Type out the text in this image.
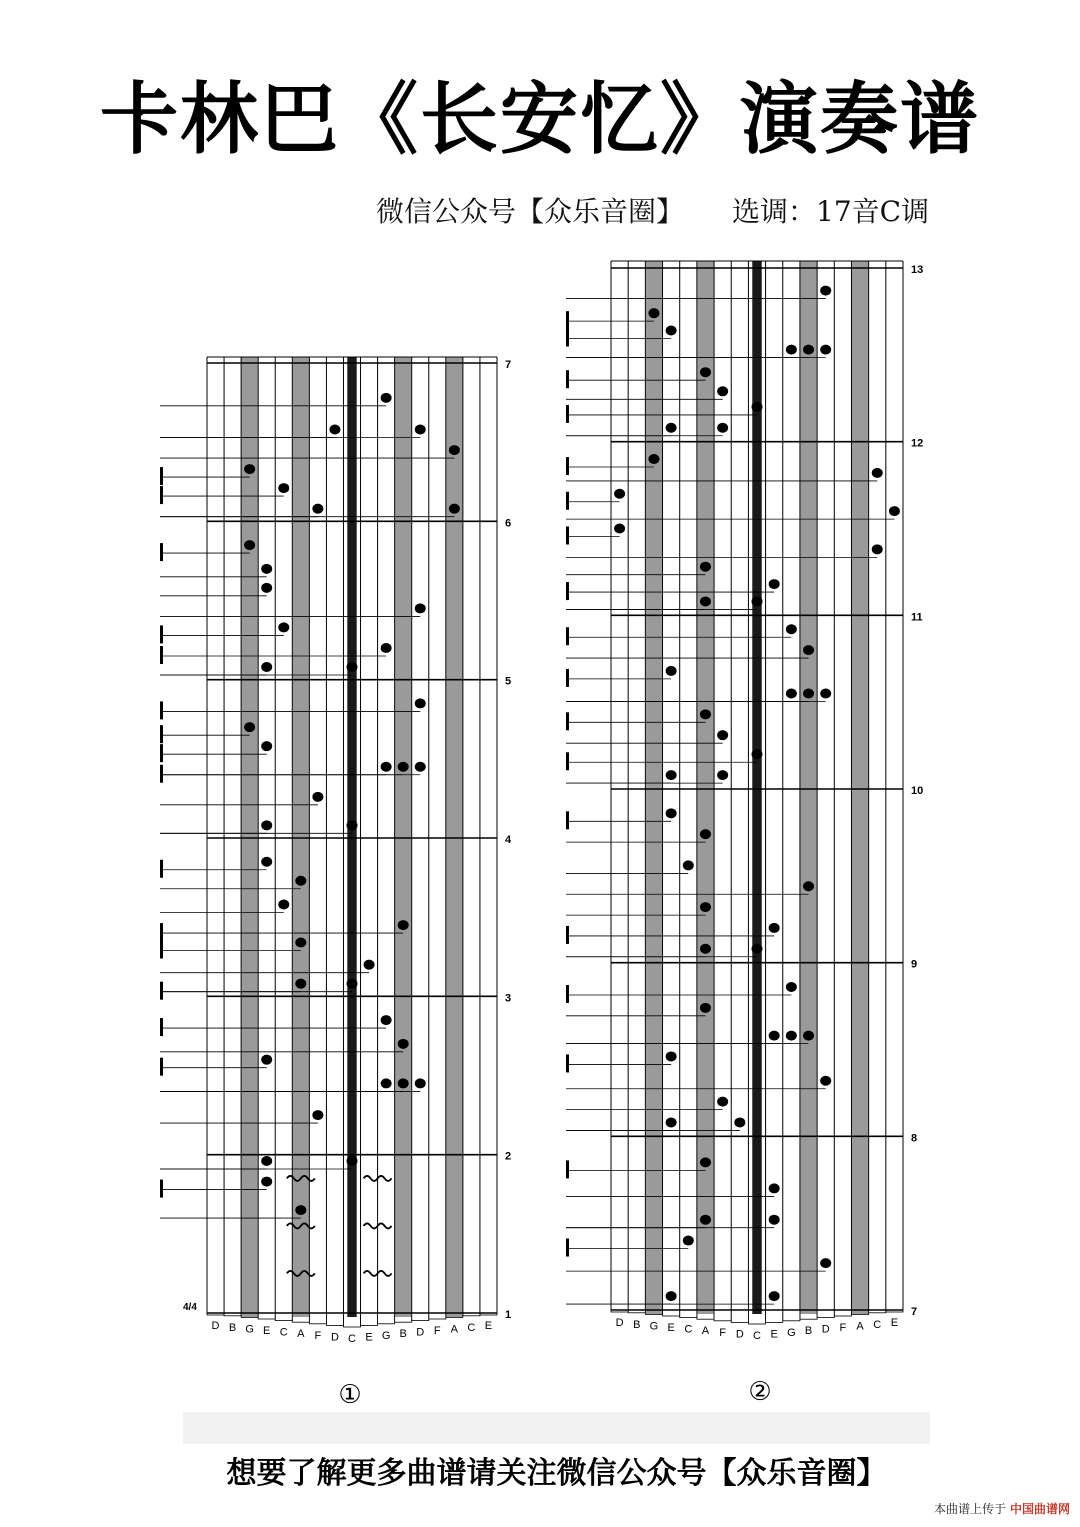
卡林巴《长安忆》演奏谱
微信公众号【众乐音圈】 选调：17音C调
1
2
3
4
5
6
7
4/4
D B G E C A F D C E G B D F A C E
①
7
8
9
10
11
12
13
D B G E C A F D C E G B D F A C E
②
想要了解更多曲谱请关注微信公众号【众乐音圈】
本曲谱上传于 中国曲谱网
